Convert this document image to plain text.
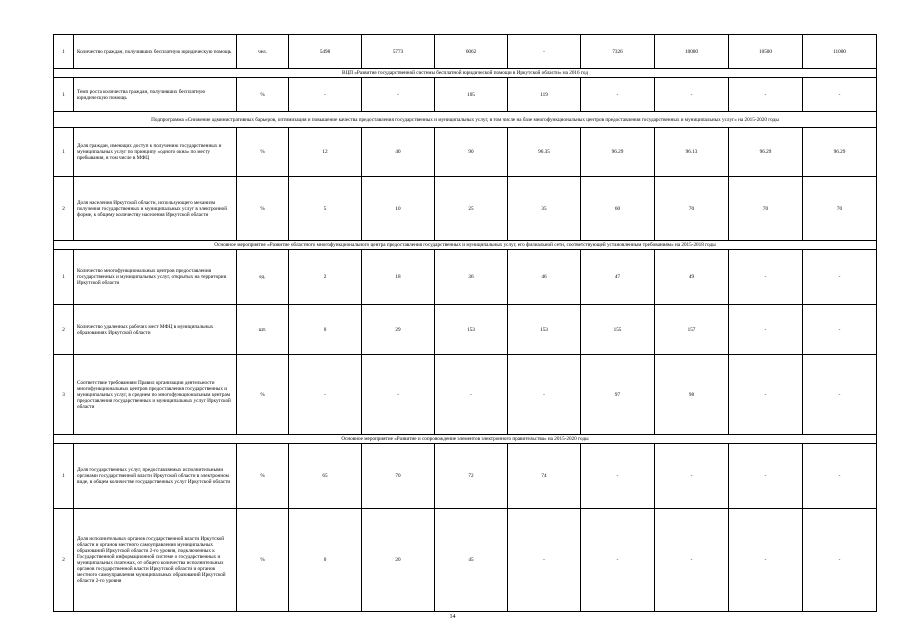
1	Количество граждан, получивших бесплатную юридическую помощь	чел.	5498	5773	6062	-	7326	10000	10500	11000
ВЦП «Развитие государственной системы бесплатной юридической помощи в Иркутской области» на 2016 год										
1	Темп роста количества граждан, получивших бесплатную юридическую помощь	%	-	-	105	119	-	-	-	-
Подпрограмма «Снижение административных барьеров, оптимизация и повышение качества предоставления государственных и муниципальных услуг, в том числе на базе многофункциональных центров предоставления государственных и муниципальных услуг» на 2015-2020 годы										
1	Доля граждан, имеющих доступ к получению государственных и муниципальных услуг по принципу «одного окна» по месту пребывания, в том числе в МФЦ	%	12	40	90	96.35	96.29	96.13	96.29	96.29
2	Доля населения Иркутской области, использующего механизм получения государственных и муниципальных услуг в электронной форме, к общему количеству населения Иркутской области	%	5	10	25	35	60	70	70	70
Основное мероприятие «Развитие областного многофункционального центра предоставления государственных и муниципальных услуг, его филиальной сети, соответствующей установленным требованиям» на 2015-2018 годы										
1	Количество многофункциональных центров предоставления государственных и муниципальных услуг, открытых на территории Иркутской области	ед.	2	18	36	46	47	49	-	-
2	Количество удаленных рабочих мест МФЦ в муниципальных образованиях Иркутской области	шт.	0	29	153	153	155	157	-	-
3	Соответствие требованиям Правил организации деятельности многофункциональных центров предоставления государственных и муниципальных услуг, в среднем по многофункциональным центрам предоставления государственных и муниципальных услуг Иркутской области	%	-	-	-	-	97	98	-	-
Основное мероприятие «Развитие и сопровождение элементов электронного правительства» на 2015-2020 годы										
1	Доля государственных услуг, предоставляемых исполнительными органами государственной власти Иркутской области в электронном виде, в общем количестве государственных услуг Иркутской области	%	65	70	72	74	-	-	-	-
2	Доля исполнительных органов государственной власти Иркутской области и органов местного самоуправления муниципальных образований Иркутской области 2-го уровня, подключенных к Государственной информационной системе о государственных и муниципальных платежах, от общего количества исполнительных органов государственной власти Иркутской области и органов местного самоуправления муниципальных образований Иркутской области 2-го уровня	%	0	20	45	-	-	-	-	-
14
